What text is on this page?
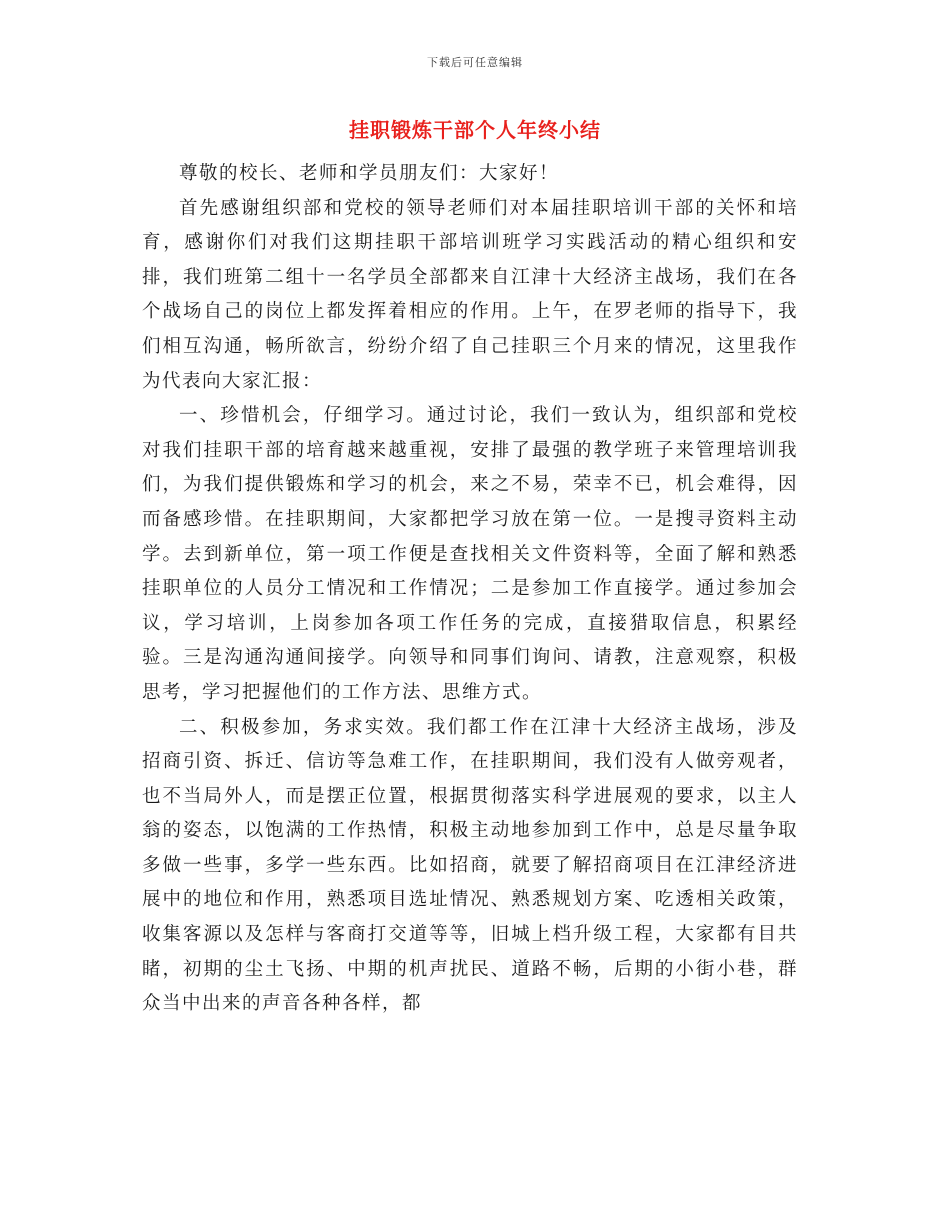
下载后可任意编辑
挂职锻炼干部个人年终小结

尊敬的校长、老师和学员朋友们：大家好！

首先感谢组织部和党校的领导老师们对本届挂职培训干部的关怀和培育，感谢你们对我们这期挂职干部培训班学习实践活动的精心组织和安排，我们班第二组十一名学员全部都来自江津十大经济主战场，我们在各个战场自己的岗位上都发挥着相应的作用。上午，在罗老师的指导下，我们相互沟通，畅所欲言，纷纷介绍了自己挂职三个月来的情况，这里我作为代表向大家汇报：

一、珍惜机会，仔细学习。通过讨论，我们一致认为，组织部和党校对我们挂职干部的培育越来越重视，安排了最强的教学班子来管理培训我们，为我们提供锻炼和学习的机会，来之不易，荣幸不已，机会难得，因而备感珍惜。在挂职期间，大家都把学习放在第一位。一是搜寻资料主动学。去到新单位，第一项工作便是查找相关文件资料等，全面了解和熟悉挂职单位的人员分工情况和工作情况；二是参加工作直接学。通过参加会议，学习培训，上岗参加各项工作任务的完成，直接猎取信息，积累经验。三是沟通沟通间接学。向领导和同事们询问、请教，注意观察，积极思考，学习把握他们的工作方法、思维方式。

二、积极参加，务求实效。我们都工作在江津十大经济主战场，涉及招商引资、拆迁、信访等急难工作，在挂职期间，我们没有人做旁观者，也不当局外人，而是摆正位置，根据贯彻落实科学进展观的要求，以主人翁的姿态，以饱满的工作热情，积极主动地参加到工作中，总是尽量争取多做一些事，多学一些东西。比如招商，就要了解招商项目在江津经济进展中的地位和作用，熟悉项目选址情况、熟悉规划方案、吃透相关政策，收集客源以及怎样与客商打交道等等，旧城上档升级工程，大家都有目共睹，初期的尘土飞扬、中期的机声扰民、道路不畅，后期的小街小巷，群众当中出来的声音各种各样，都
